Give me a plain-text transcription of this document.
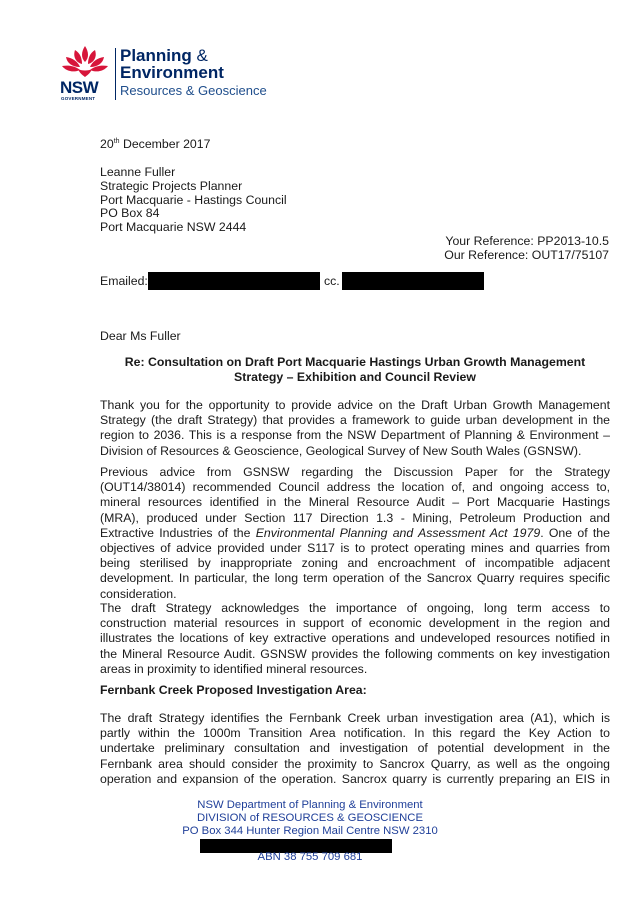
NSW
GOVERNMENT
Planning &
Environment
Resources & Geoscience
20th December 2017
Leanne Fuller
Strategic Projects Planner
Port Macquarie - Hastings Council
PO Box 84
Port Macquarie NSW 2444
Your Reference: PP2013-10.5
Our Reference: OUT17/75107
Emailed:	cc.
Dear Ms Fuller
Re: Consultation on Draft Port Macquarie Hastings Urban Growth Management
Strategy – Exhibition and Council Review
Thank you for the opportunity to provide advice on the Draft Urban Growth Management
Strategy (the draft Strategy) that provides a framework to guide urban development in the
region to 2036. This is a response from the NSW Department of Planning & Environment –
Division of Resources & Geoscience, Geological Survey of New South Wales (GSNSW).
Previous advice from GSNSW regarding the Discussion Paper for the Strategy
(OUT14/38014) recommended Council address the location of, and ongoing access to,
mineral resources identified in the Mineral Resource Audit – Port Macquarie Hastings
(MRA), produced under Section 117 Direction 1.3 - Mining, Petroleum Production and
Extractive Industries of the Environmental Planning and Assessment Act 1979. One of the
objectives of advice provided under S117 is to protect operating mines and quarries from
being sterilised by inappropriate zoning and encroachment of incompatible adjacent
development. In particular, the long term operation of the Sancrox Quarry requires specific
consideration.
The draft Strategy acknowledges the importance of ongoing, long term access to
construction material resources in support of economic development in the region and
illustrates the locations of key extractive operations and undeveloped resources notified in
the Mineral Resource Audit. GSNSW provides the following comments on key investigation
areas in proximity to identified mineral resources.
Fernbank Creek Proposed Investigation Area:
The draft Strategy identifies the Fernbank Creek urban investigation area (A1), which is
partly within the 1000m Transition Area notification. In this regard the Key Action to
undertake preliminary consultation and investigation of potential development in the
Fernbank area should consider the proximity to Sancrox Quarry, as well as the ongoing
operation and expansion of the operation. Sancrox quarry is currently preparing an EIS in
NSW Department of Planning & Environment
DIVISION of RESOURCES & GEOSCIENCE
PO Box 344 Hunter Region Mail Centre NSW 2310
ABN 38 755 709 681
